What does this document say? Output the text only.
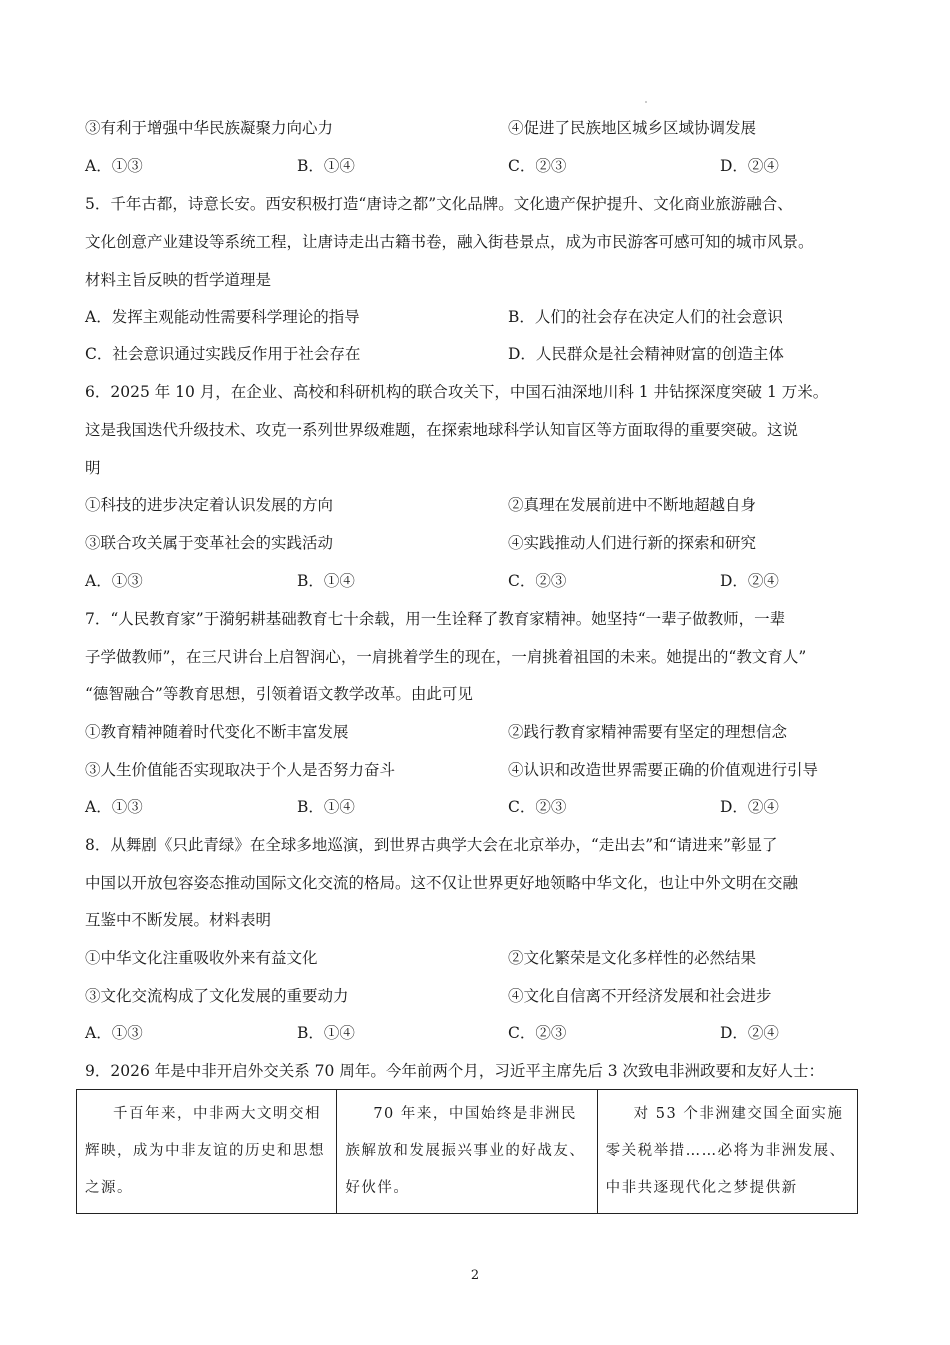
③有利于增强中华民族凝聚力向心力	④促进了民族地区城乡区域协调发展
A．①③	B．①④	C．②③	D．②④
5．千年古都，诗意长安。西安积极打造“唐诗之都”文化品牌。文化遗产保护提升、文化商业旅游融合、
文化创意产业建设等系统工程，让唐诗走出古籍书卷，融入街巷景点，成为市民游客可感可知的城市风景。
材料主旨反映的哲学道理是
A．发挥主观能动性需要科学理论的指导	B．人们的社会存在决定人们的社会意识
C．社会意识通过实践反作用于社会存在	D．人民群众是社会精神财富的创造主体
6．2025 年 10 月，在企业、高校和科研机构的联合攻关下，中国石油深地川科 1 井钻探深度突破 1 万米。
这是我国迭代升级技术、攻克一系列世界级难题，在探索地球科学认知盲区等方面取得的重要突破。这说
明
①科技的进步决定着认识发展的方向	②真理在发展前进中不断地超越自身
③联合攻关属于变革社会的实践活动	④实践推动人们进行新的探索和研究
A．①③	B．①④	C．②③	D．②④
7．“人民教育家”于漪躬耕基础教育七十余载，用一生诠释了教育家精神。她坚持“一辈子做教师，一辈
子学做教师”，在三尺讲台上启智润心，一肩挑着学生的现在，一肩挑着祖国的未来。她提出的“教文育人”
“德智融合”等教育思想，引领着语文教学改革。由此可见
①教育精神随着时代变化不断丰富发展	②践行教育家精神需要有坚定的理想信念
③人生价值能否实现取决于个人是否努力奋斗	④认识和改造世界需要正确的价值观进行引导
A．①③	B．①④	C．②③	D．②④
8．从舞剧《只此青绿》在全球多地巡演，到世界古典学大会在北京举办，“走出去”和“请进来”彰显了
中国以开放包容姿态推动国际文化交流的格局。这不仅让世界更好地领略中华文化，也让中外文明在交融
互鉴中不断发展。材料表明
①中华文化注重吸收外来有益文化	②文化繁荣是文化多样性的必然结果
③文化交流构成了文化发展的重要动力	④文化自信离不开经济发展和社会进步
A．①③	B．①④	C．②③	D．②④
9．2026 年是中非开启外交关系 70 周年。今年前两个月，习近平主席先后 3 次致电非洲政要和友好人士：
千百年来，中非两大文明交相辉映，成为中非友谊的历史和思想之源。	70 年来，中国始终是非洲民族解放和发展振兴事业的好战友、好伙伴。	对 53 个非洲建交国全面实施零关税举措……必将为非洲发展、中非共逐现代化之梦提供新
2
